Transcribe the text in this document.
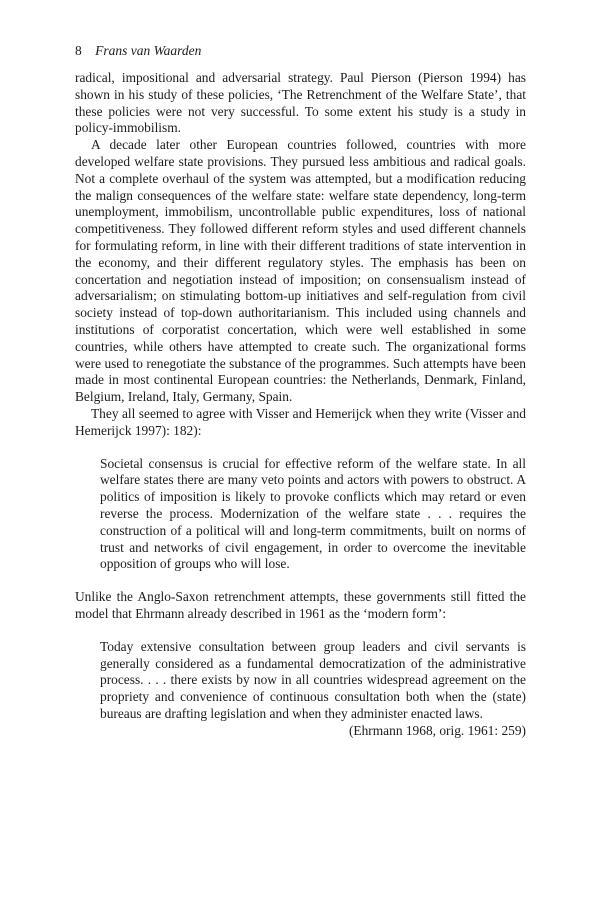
8 Frans van Waarden

radical, impositional and adversarial strategy. Paul Pierson (Pierson 1994) has shown in his study of these policies, ‘The Retrenchment of the Welfare State’, that these policies were not very successful. To some extent his study is a study in policy-immobilism.

A decade later other European countries followed, countries with more developed welfare state provisions. They pursued less ambitious and radical goals. Not a complete overhaul of the system was attempted, but a modification reducing the malign consequences of the welfare state: welfare state dependency, long-term unemployment, immobilism, uncontrollable public expenditures, loss of national competitiveness. They followed different reform styles and used different channels for formulating reform, in line with their different traditions of state intervention in the economy, and their different regulatory styles. The emphasis has been on concertation and negotiation instead of imposition; on consensualism instead of adversarialism; on stimulating bottom-up initiatives and self-regulation from civil society instead of top-down authoritarianism. This included using channels and institutions of corporatist concertation, which were well established in some countries, while others have attempted to create such. The organizational forms were used to renegotiate the substance of the programmes. Such attempts have been made in most continental European countries: the Netherlands, Denmark, Finland, Belgium, Ireland, Italy, Germany, Spain.

They all seemed to agree with Visser and Hemerijck when they write (Visser and Hemerijck 1997): 182):

Societal consensus is crucial for effective reform of the welfare state. In all welfare states there are many veto points and actors with powers to obstruct. A politics of imposition is likely to provoke conflicts which may retard or even reverse the process. Modernization of the welfare state . . . requires the construction of a political will and long-term commitments, built on norms of trust and networks of civil engagement, in order to overcome the inevitable opposition of groups who will lose.

Unlike the Anglo-Saxon retrenchment attempts, these governments still fitted the model that Ehrmann already described in 1961 as the ‘modern form’:

Today extensive consultation between group leaders and civil servants is generally considered as a fundamental democratization of the administrative process. . . . there exists by now in all countries widespread agreement on the propriety and convenience of continuous consultation both when the (state) bureaus are drafting legislation and when they administer enacted laws.

(Ehrmann 1968, orig. 1961: 259)
